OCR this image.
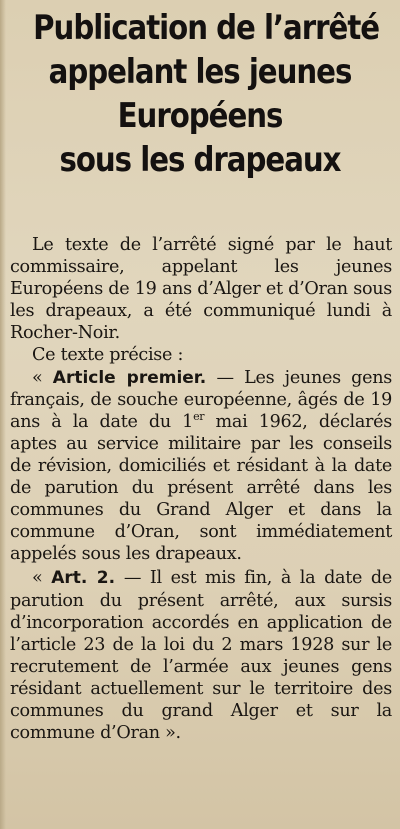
Publication de l’arrêté
appelant les jeunes
Européens
sous les drapeaux

Le texte de l’arrêté signé par le haut commissaire, appelant les jeunes Européens de 19 ans d’Alger et d’Oran sous les drapeaux, a été communiqué lundi à Rocher-Noir.

Ce texte précise :

« Article premier. — Les jeunes gens français, de souche européenne, âgés de 19 ans à la date du 1er mai 1962, déclarés aptes au service militaire par les conseils de révision, domiciliés et résidant à la date de parution du présent arrêté dans les communes du Grand Alger et dans la commune d’Oran, sont immédiatement appelés sous les drapeaux.

« Art. 2. — Il est mis fin, à la date de parution du présent arrêté, aux sursis d’incorporation accordés en application de l’article 23 de la loi du 2 mars 1928 sur le recrutement de l’armée aux jeunes gens résidant actuellement sur le territoire des communes du grand Alger et sur la commune d’Oran ».
